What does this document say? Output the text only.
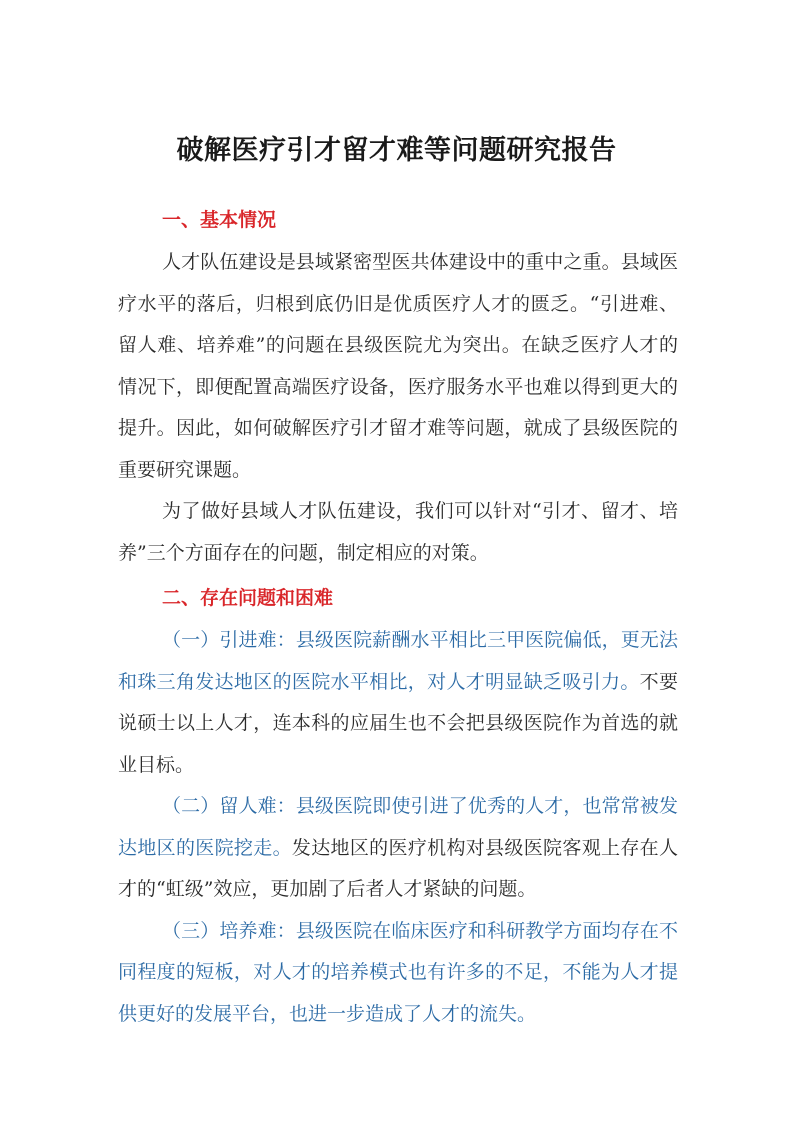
破解医疗引才留才难等问题研究报告
一、基本情况

人才队伍建设是县域紧密型医共体建设中的重中之重。县域医疗水平的落后，归根到底仍旧是优质医疗人才的匮乏。“引进难、留人难、培养难”的问题在县级医院尤为突出。在缺乏医疗人才的情况下，即便配置高端医疗设备，医疗服务水平也难以得到更大的提升。因此，如何破解医疗引才留才难等问题，就成了县级医院的重要研究课题。

为了做好县域人才队伍建设，我们可以针对“引才、留才、培养”三个方面存在的问题，制定相应的对策。

二、存在问题和困难

（一）引进难：县级医院薪酬水平相比三甲医院偏低，更无法和珠三角发达地区的医院水平相比，对人才明显缺乏吸引力。不要说硕士以上人才，连本科的应届生也不会把县级医院作为首选的就业目标。

（二）留人难：县级医院即使引进了优秀的人才，也常常被发达地区的医院挖走。发达地区的医疗机构对县级医院客观上存在人才的“虹级”效应，更加剧了后者人才紧缺的问题。

（三）培养难：县级医院在临床医疗和科研教学方面均存在不同程度的短板，对人才的培养模式也有许多的不足，不能为人才提供更好的发展平台，也进一步造成了人才的流失。
